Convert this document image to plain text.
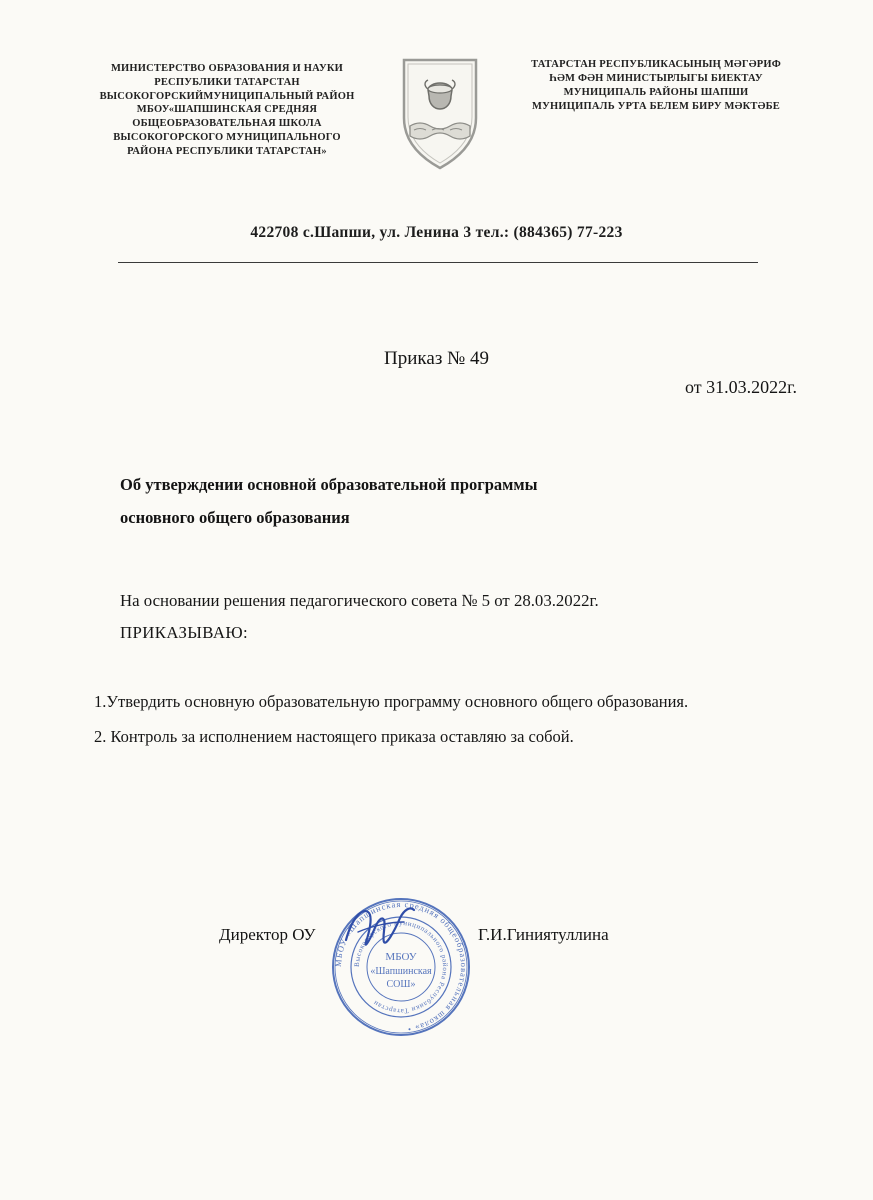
МИНИСТЕРСТВО ОБРАЗОВАНИЯ И НАУКИ
РЕСПУБЛИКИ ТАТАРСТАН
ВЫСОКОГОРСКИЙМУНИЦИПАЛЬНЫЙ РАЙОН
МБОУ«ШАПШИНСКАЯ СРЕДНЯЯ
ОБЩЕОБРАЗОВАТЕЛЬНАЯ ШКОЛА
ВЫСОКОГОРСКОГО МУНИЦИПАЛЬНОГО
РАЙОНА РЕСПУБЛИКИ ТАТАРСТАН»
ТАТАРСТАН РЕСПУБЛИКАСЫНЫҢ МӘГӘРИФ
ҺӘМ ФӘН МИНИСТЫРЛЫГЫ БИЕКТАУ
МУНИЦИПАЛЬ РАЙОНЫ ШАПШИ
МУНИЦИПАЛЬ УРТА БЕЛЕМ БИРУ МӘКТӘБЕ
422708 с.Шапши, ул. Ленина 3 тел.: (884365) 77-223
Приказ № 49
от 31.03.2022г.
Об утверждении основной образовательной программы
основного общего образования
На основании решения педагогического совета № 5 от 28.03.2022г.
ПРИКАЗЫВАЮ:
1.Утвердить основную образовательную программу основного общего образования.
2. Контроль за исполнением настоящего приказа оставляю за собой.
МБОУ «Шапшинская средняя общеобразовательная школа» •
Высокогорского муниципального района Республики Татарстан
МБОУ
«Шапшинская
СОШ»
Директор ОУ	Г.И.Гиниятуллина
